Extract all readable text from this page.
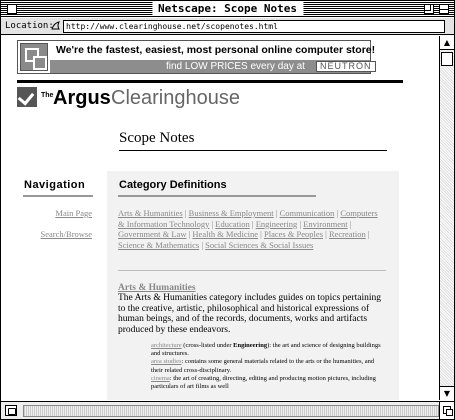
Netscape: Scope Notes
Location:	http://www.clearinghouse.net/scopenotes.html
We're the fastest, easiest, most personal online computer store!
find LOW PRICES every day at	NEUTRON
The Argus Clearinghouse
Scope Notes
Navigation
Main Page
Search/Browse
Category Definitions
Arts & Humanities | Business & Employment | Communication | Computers & Information Technology | Education | Engineering | Environment | Government & Law | Health & Medicine | Places & Peoples | Recreation | Science & Mathematics | Social Sciences & Social Issues
Arts & Humanities
The Arts & Humanities category includes guides on topics pertaining to the creative, artistic, philosophical and historical expressions of human beings, and of the records, documents, works and artifacts produced by these endeavors.
architecture (cross-listed under Engineering): the art and science of designing buildings and structures.
area studies: contains some general materials related to the arts or the humanities, and their related cross-disciplinary.
cinema: the art of creating, directing, editing and producing motion pictures, including particulars of art films as well
▲
▼
